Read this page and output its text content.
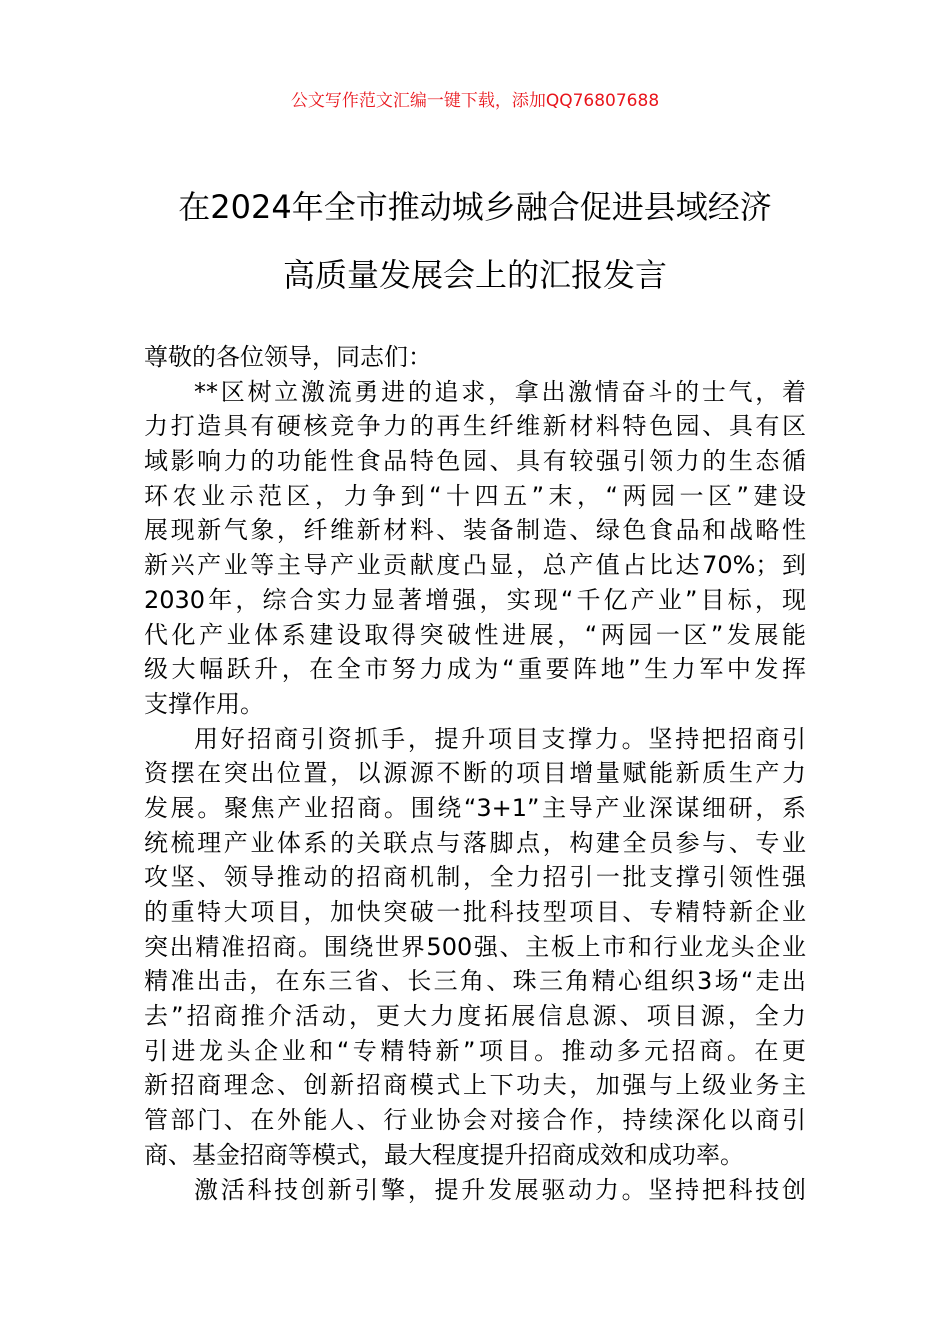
公文写作范文汇编一键下载，添加QQ76807688
在2024年全市推动城乡融合促进县域经济
高质量发展会上的汇报发言
尊敬的各位领导，同志们：
**区树立激流勇进的追求，拿出激情奋斗的士气，着
力打造具有硬核竞争力的再生纤维新材料特色园、具有区
域影响力的功能性食品特色园、具有较强引领力的生态循
环农业示范区，力争到“十四五”末，“两园一区”建设
展现新气象，纤维新材料、装备制造、绿色食品和战略性
新兴产业等主导产业贡献度凸显，总产值占比达70%；到
2030年，综合实力显著增强，实现“千亿产业”目标，现
代化产业体系建设取得突破性进展，“两园一区”发展能
级大幅跃升，在全市努力成为“重要阵地”生力军中发挥
支撑作用。
用好招商引资抓手，提升项目支撑力。坚持把招商引
资摆在突出位置，以源源不断的项目增量赋能新质生产力
发展。聚焦产业招商。围绕“3+1”主导产业深谋细研，系
统梳理产业体系的关联点与落脚点，构建全员参与、专业
攻坚、领导推动的招商机制，全力招引一批支撑引领性强
的重特大项目，加快突破一批科技型项目、专精特新企业
突出精准招商。围绕世界500强、主板上市和行业龙头企业
精准出击，在东三省、长三角、珠三角精心组织3场“走出
去”招商推介活动，更大力度拓展信息源、项目源，全力
引进龙头企业和“专精特新”项目。推动多元招商。在更
新招商理念、创新招商模式上下功夫，加强与上级业务主
管部门、在外能人、行业协会对接合作，持续深化以商引
商、基金招商等模式，最大程度提升招商成效和成功率。
激活科技创新引擎，提升发展驱动力。坚持把科技创
